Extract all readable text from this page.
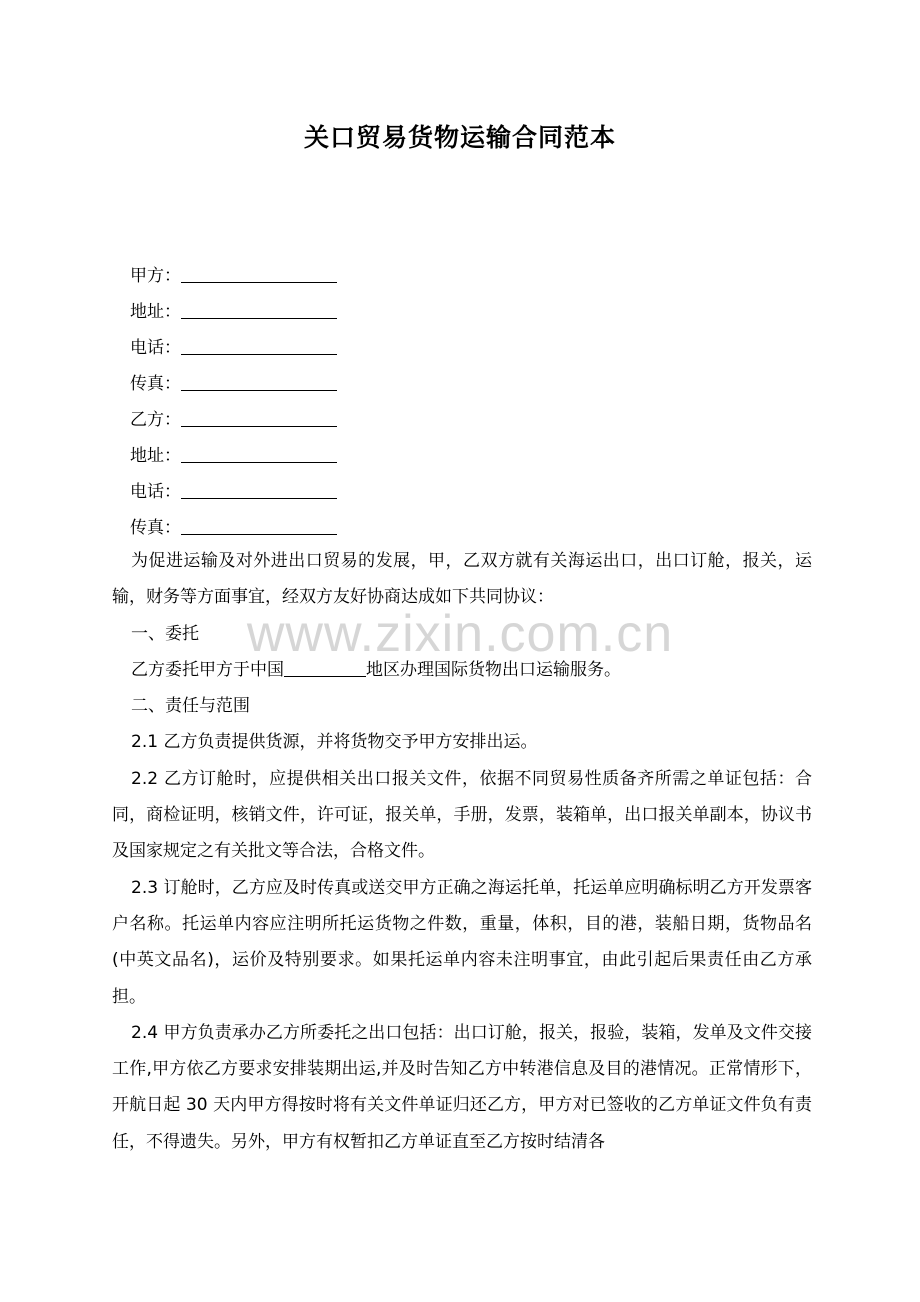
关口贸易货物运输合同范本
www.zixin.com.cn
甲方：
地址：
电话：
传真：
乙方：
地址：
电话：
传真：

为促进运输及对外进出口贸易的发展，甲，乙双方就有关海运出口，出口订舱，报关，运输，财务等方面事宜，经双方友好协商达成如下共同协议：

一、委托

乙方委托甲方于中国	地区办理国际货物出口运输服务。

二、责任与范围

2.1 乙方负责提供货源，并将货物交予甲方安排出运。

2.2 乙方订舱时，应提供相关出口报关文件，依据不同贸易性质备齐所需之单证包括：合同，商检证明，核销文件，许可证，报关单，手册，发票，装箱单，出口报关单副本，协议书及国家规定之有关批文等合法，合格文件。

2.3 订舱时，乙方应及时传真或送交甲方正确之海运托单，托运单应明确标明乙方开发票客户名称。托运单内容应注明所托运货物之件数，重量，体积，目的港，装船日期，货物品名(中英文品名)，运价及特别要求。如果托运单内容未注明事宜，由此引起后果责任由乙方承担。

2.4 甲方负责承办乙方所委托之出口包括：出口订舱，报关，报验，装箱，发单及文件交接工作,甲方依乙方要求安排装期出运,并及时告知乙方中转港信息及目的港情况。正常情形下，开航日起 30 天内甲方得按时将有关文件单证归还乙方，甲方对已签收的乙方单证文件负有责任，不得遗失。另外，甲方有权暂扣乙方单证直至乙方按时结清各
